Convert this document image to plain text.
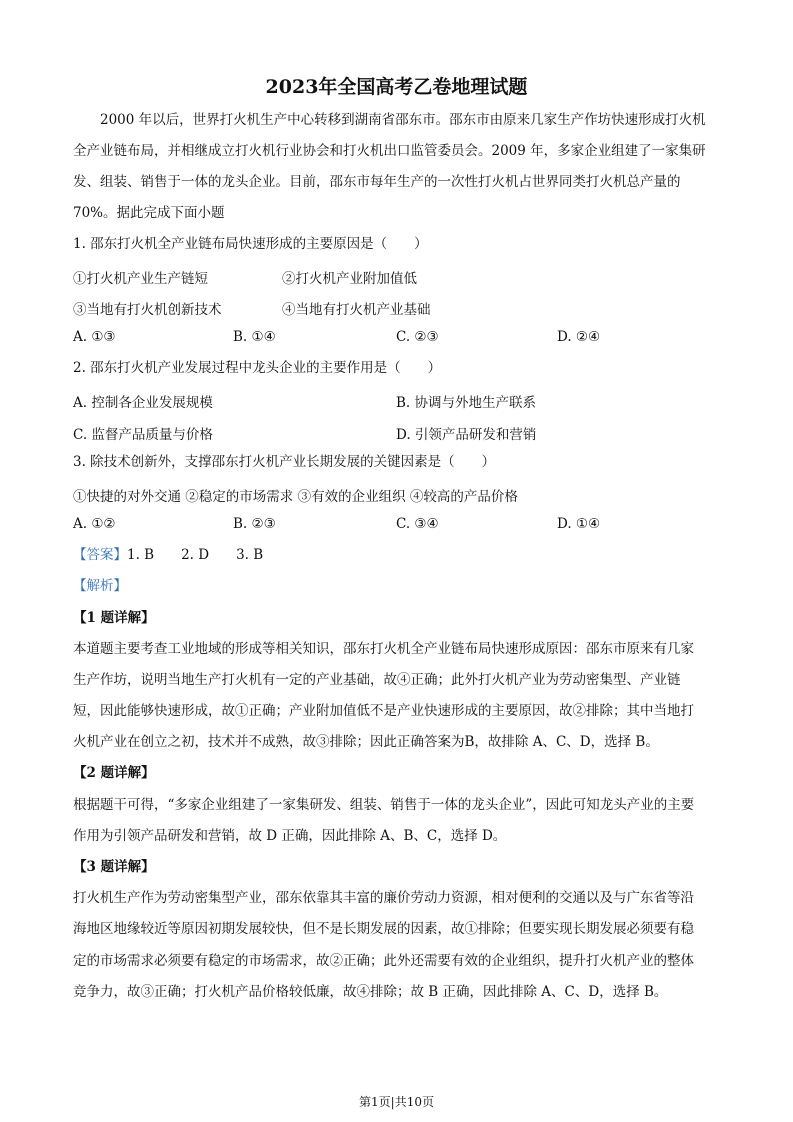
2023年全国高考乙卷地理试题
2000 年以后，世界打火机生产中心转移到湖南省邵东市。邵东市由原来几家生产作坊快速形成打火机
全产业链布局，并相继成立打火机行业协会和打火机出口监管委员会。2009 年，多家企业组建了一家集研
发、组装、销售于一体的龙头企业。目前，邵东市每年生产的一次性打火机占世界同类打火机总产量的
70%。据此完成下面小题
1. 邵东打火机全产业链布局快速形成的主要原因是（　　）
①打火机产业生产链短	②打火机产业附加值低
③当地有打火机创新技术	④当地有打火机产业基础
A. ①③	B. ①④	C. ②③	D. ②④
2. 邵东打火机产业发展过程中龙头企业的主要作用是（　　）
A. 控制各企业发展规模	B. 协调与外地生产联系
C. 监督产品质量与价格	D. 引领产品研发和营销
3. 除技术创新外，支撑邵东打火机产业长期发展的关键因素是（　　）
①快捷的对外交通 ②稳定的市场需求 ③有效的企业组织 ④较高的产品价格
A. ①②	B. ②③	C. ③④	D. ①④
【答案】1. B　　2. D　　3. B
【解析】
【1 题详解】
本道题主要考查工业地域的形成等相关知识，邵东打火机全产业链布局快速形成原因：邵东市原来有几家
生产作坊，说明当地生产打火机有一定的产业基础，故④正确；此外打火机产业为劳动密集型、产业链
短，因此能够快速形成，故①正确；产业附加值低不是产业快速形成的主要原因，故②排除；其中当地打
火机产业在创立之初，技术并不成熟，故③排除；因此正确答案为B，故排除 A、C、D，选择 B。
【2 题详解】
根据题干可得，“多家企业组建了一家集研发、组装、销售于一体的龙头企业”，因此可知龙头产业的主要
作用为引领产品研发和营销，故 D 正确，因此排除 A、B、C，选择 D。
【3 题详解】
打火机生产作为劳动密集型产业，邵东依靠其丰富的廉价劳动力资源，相对便利的交通以及与广东省等沿
海地区地缘较近等原因初期发展较快，但不是长期发展的因素，故①排除；但要实现长期发展必须要有稳
定的市场需求必须要有稳定的市场需求，故②正确；此外还需要有效的企业组织，提升打火机产业的整体
竞争力，故③正确；打火机产品价格较低廉，故④排除；故 B 正确，因此排除 A、C、D，选择 B。
第1页|共10页
